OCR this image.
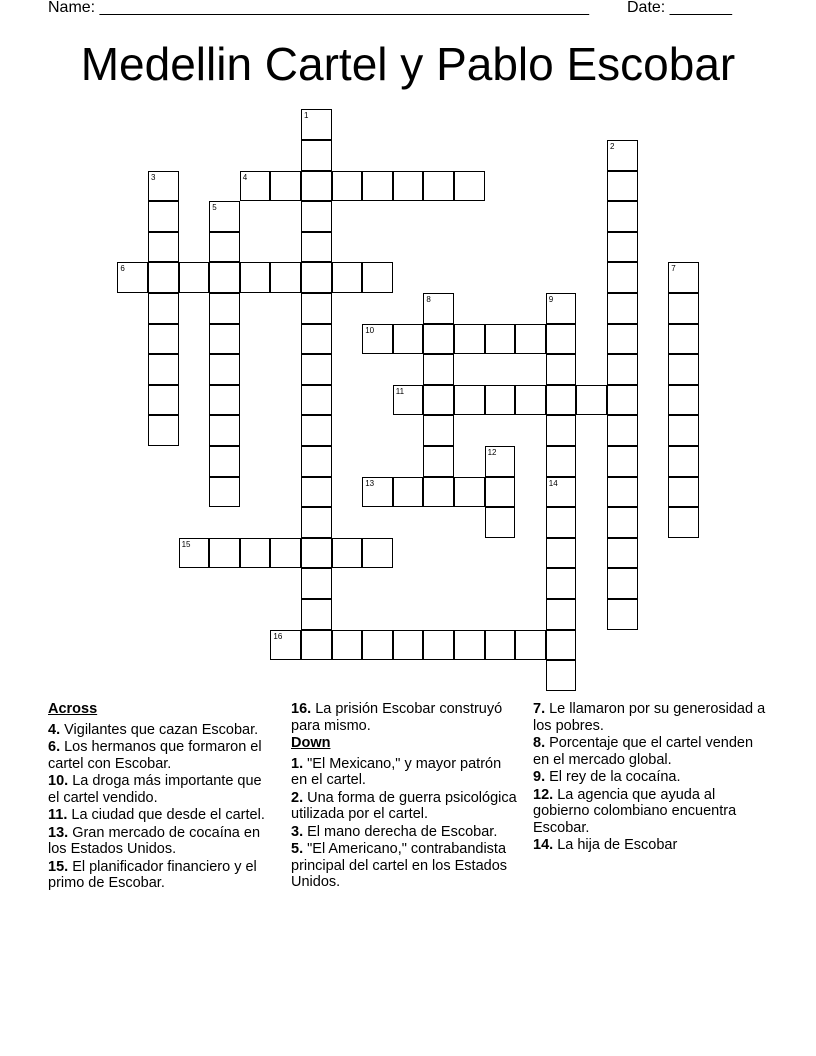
Name: _______________________________________________________ Date: _______
Medellin Cartel y Pablo Escobar
1
2
3	4
5
6	7
8	9
10
11
12
13	14
15
16
Across
4. Vigilantes que cazan Escobar.
6. Los hermanos que formaron el cartel con Escobar.
10. La droga más importante que el cartel vendido.
11. La ciudad que desde el cartel.
13. Gran mercado de cocaína en los Estados Unidos.
15. El planificador financiero y el primo de Escobar.
16. La prisión Escobar construyó para mismo.
Down
1. "El Mexicano," y mayor patrón en el cartel.
2. Una forma de guerra psicológica utilizada por el cartel.
3. El mano derecha de Escobar.
5. "El Americano," contrabandista principal del cartel en los Estados Unidos.
7. Le llamaron por su generosidad a los pobres.
8. Porcentaje que el cartel venden en el mercado global.
9. El rey de la cocaína.
12. La agencia que ayuda al gobierno colombiano encuentra Escobar.
14. La hija de Escobar
